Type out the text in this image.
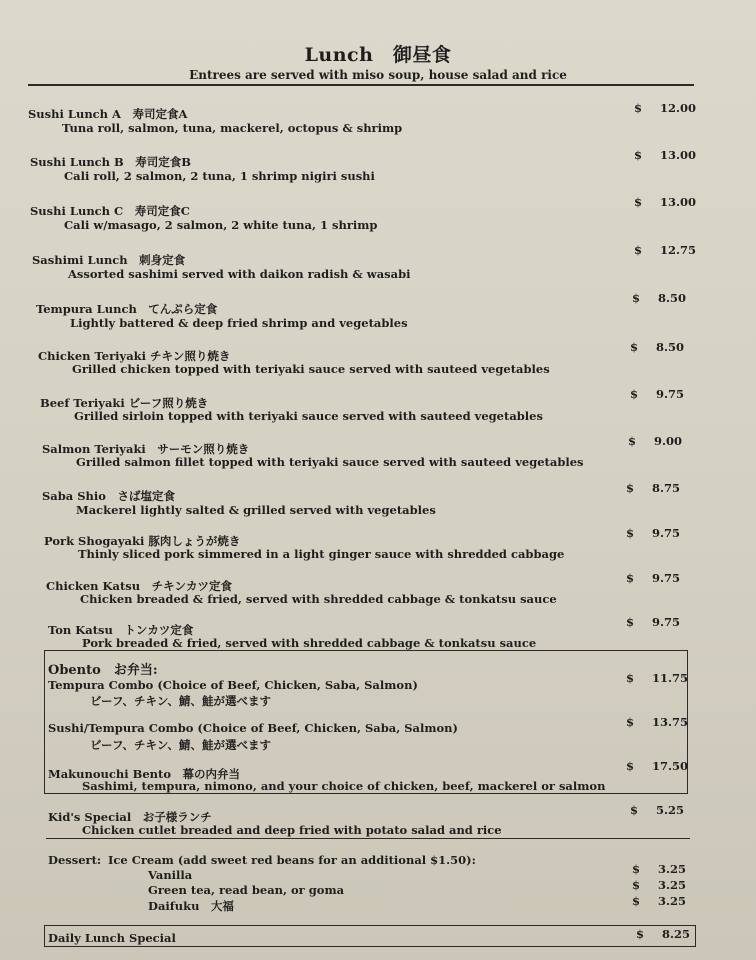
Lunch　御昼食
Entrees are served with miso soup, house salad and rice
Sushi Lunch A　寿司定食A
Tuna roll, salmon, tuna, mackerel, octopus & shrimp
$ 12.00
Sushi Lunch B　寿司定食B
Cali roll, 2 salmon, 2 tuna, 1 shrimp nigiri sushi
$ 13.00
Sushi Lunch C　寿司定食C
Cali w/masago, 2 salmon, 2 white tuna, 1 shrimp
$ 13.00
Sashimi Lunch　刺身定食
Assorted sashimi served with daikon radish & wasabi
$ 12.75
Tempura Lunch　てんぷら定食
Lightly battered & deep fried shrimp and vegetables
$ 8.50
Chicken Teriyaki チキン照り焼き
Grilled chicken topped with teriyaki sauce served with sauteed vegetables
$ 8.50
Beef Teriyaki ビーフ照り焼き
Grilled sirloin topped with teriyaki sauce served with sauteed vegetables
$ 9.75
Salmon Teriyaki　サーモン照り焼き
Grilled salmon fillet topped with teriyaki sauce served with sauteed vegetables
$ 9.00
Saba Shio　さば塩定食
Mackerel lightly salted & grilled served with vegetables
$ 8.75
Pork Shogayaki 豚肉しょうが焼き
Thinly sliced pork simmered in a light ginger sauce with shredded cabbage
$ 9.75
Chicken Katsu　チキンカツ定食
Chicken breaded & fried, served with shredded cabbage & tonkatsu sauce
$ 9.75
Ton Katsu　トンカツ定食
Pork breaded & fried, served with shredded cabbage & tonkatsu sauce
$ 9.75
Obento　お弁当:
Tempura Combo (Choice of Beef, Chicken, Saba, Salmon)
ビーフ、チキン、鯖、鮭が選べます
$ 11.75
Sushi/Tempura Combo (Choice of Beef, Chicken, Saba, Salmon)
ビーフ、チキン、鯖、鮭が選べます
$ 13.75
Makunouchi Bento　幕の内弁当
Sashimi, tempura, nimono, and your choice of chicken, beef, mackerel or salmon
$ 17.50
Kid's Special　お子様ランチ
Chicken cutlet breaded and deep fried with potato salad and rice
$ 5.25
Dessert: Ice Cream (add sweet red beans for an additional $1.50):
Vanilla	$ 3.25
Green tea, read bean, or goma	$ 3.25
Daifuku　大福	$ 3.25
Daily Lunch Special	$ 8.25
